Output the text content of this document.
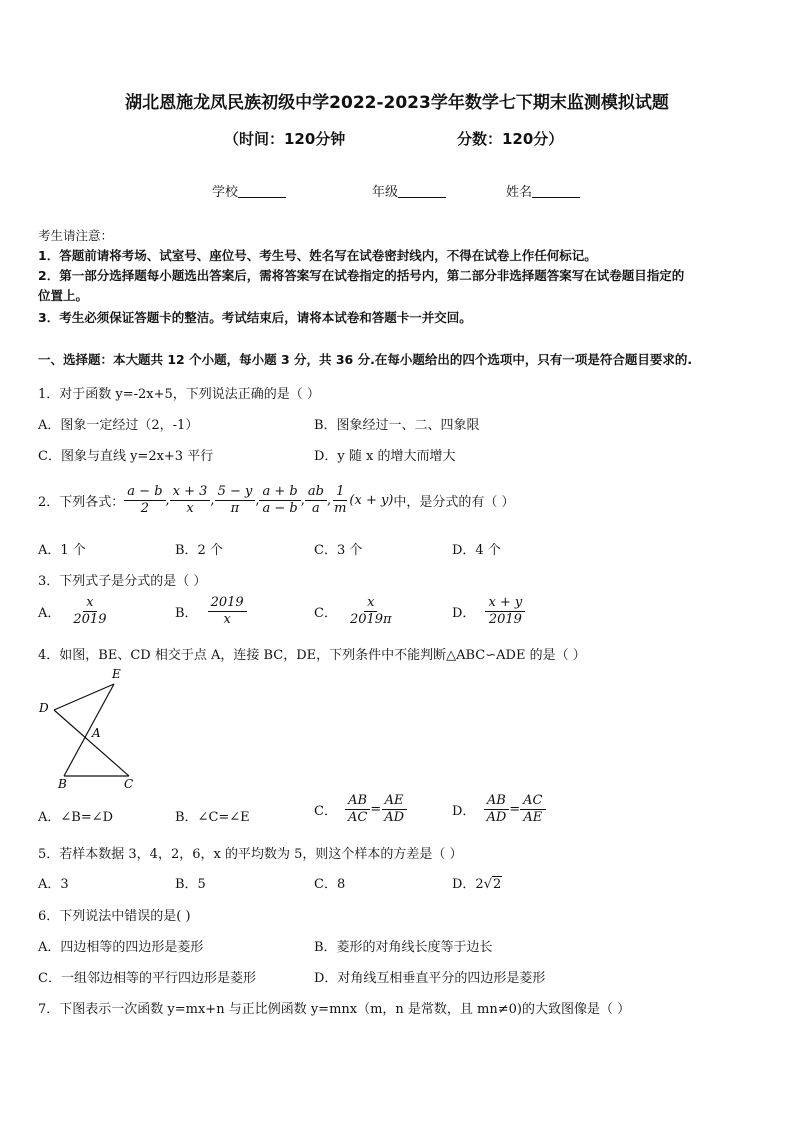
湖北恩施龙凤民族初级中学2022-2023学年数学七下期末监测模拟试题
（时间：120分钟	分数：120分）
学校	年级	姓名
考生请注意：
1．答题前请将考场、试室号、座位号、考生号、姓名写在试卷密封线内，不得在试卷上作任何标记。
2．第一部分选择题每小题选出答案后，需将答案写在试卷指定的括号内，第二部分非选择题答案写在试卷题目指定的
位置上。
3．考生必须保证答题卡的整洁。考试结束后，请将本试卷和答题卡一并交回。
一、选择题：本大题共 12 个小题，每小题 3 分，共 36 分.在每小题给出的四个选项中，只有一项是符合题目要求的.
1．对于函数 y=-2x+5，下列说法正确的是（ ）
A．图象一定经过（2，-1）	B．图象经过一、二、四象限
C．图象与直线 y=2x+3 平行	D．y 随 x 的增大而增大
2．下列各式： $\frac{a - b}{2}$ , $\frac{x + 3}{x}$ , $\frac{5 - y}{\pi}$ , $\frac{a + b}{a - b}$ , $\frac{ab}{a}$ , $\frac{1}{m} (x + y)$ 中，是分式的有（ ）
A．1 个	B．2 个	C．3 个	D．4 个
3．下列式子是分式的是（ ）
A． $\frac{x}{2019}$	B． $\frac{2019}{x}$	C． $\frac{x}{2019\pi}$	D． $\frac{x + y}{2019}$
4．如图，BE、CD 相交于点 A，连接 BC，DE，下列条件中不能判断△ABC∽ADE 的是（ ）
E
D
A
B	C
A．∠B=∠D	B．∠C=∠E	C． $\frac{AB}{AC} = \frac{AE}{AD}$	D． $\frac{AB}{AD} = \frac{AC}{AE}$
5．若样本数据 3，4，2，6，x 的平均数为 5，则这个样本的方差是（ ）
A．3	B．5	C．8	D．2√2
6．下列说法中错误的是( )
A．四边相等的四边形是菱形	B．菱形的对角线长度等于边长
C．一组邻边相等的平行四边形是菱形	D．对角线互相垂直平分的四边形是菱形
7．下图表示一次函数 y=mx+n 与正比例函数 y=mnx（m，n 是常数，且 mn≠0)的大致图像是（ ）
